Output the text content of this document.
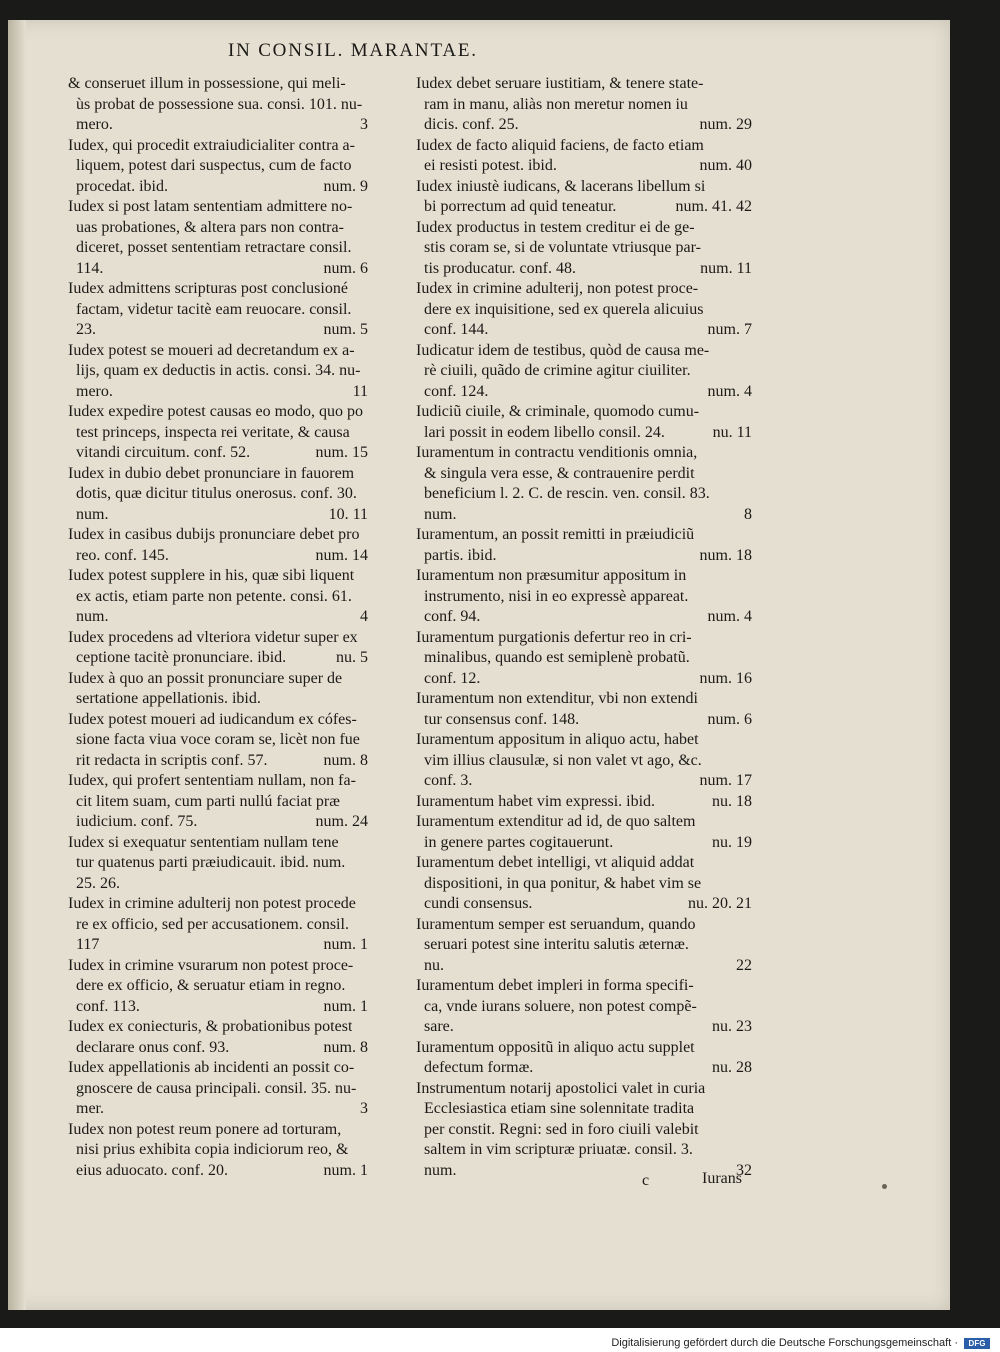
IN CONSIL. MARANTAE.
& conseruet illum in possessione, qui meli-
ùs probat de possessione sua. consi. 101. nu-
mero.	3
Iudex, qui procedit extraiudicialiter contra a-
liquem, potest dari suspectus, cum de facto
procedat. ibid.	num. 9
Iudex si post latam sententiam admittere no-
uas probationes, & altera pars non contra-
diceret, posset sententiam retractare consil.
114.	num. 6
Iudex admittens scripturas post conclusioné
factam, videtur tacitè eam reuocare. consil.
23.	num. 5
Iudex potest se moueri ad decretandum ex a-
lijs, quam ex deductis in actis. consi. 34. nu-
mero.	11
Iudex expedire potest causas eo modo, quo po
test princeps, inspecta rei veritate, & causa
vitandi circuitum. conf. 52.	num. 15
Iudex in dubio debet pronunciare in fauorem
dotis, quæ dicitur titulus onerosus. conf. 30.
num.	10. 11
Iudex in casibus dubijs pronunciare debet pro
reo. conf. 145.	num. 14
Iudex potest supplere in his, quæ sibi liquent
ex actis, etiam parte non petente. consi. 61.
num.	4
Iudex procedens ad vlteriora videtur super ex
ceptione tacitè pronunciare. ibid.	nu. 5
Iudex à quo an possit pronunciare super de
sertatione appellationis. ibid.
Iudex potest moueri ad iudicandum ex cófes-
sione facta viua voce coram se, licèt non fue
rit redacta in scriptis conf. 57.	num. 8
Iudex, qui profert sententiam nullam, non fa-
cit litem suam, cum parti nullú faciat præ
iudicium. conf. 75.	num. 24
Iudex si exequatur sententiam nullam tene
tur quatenus parti præiudicauit. ibid. num.
25. 26.
Iudex in crimine adulterij non potest procede
re ex officio, sed per accusationem. consil.
117	num. 1
Iudex in crimine vsurarum non potest proce-
dere ex officio, & seruatur etiam in regno.
conf. 113.	num. 1
Iudex ex coniecturis, & probationibus potest
declarare onus conf. 93.	num. 8
Iudex appellationis ab incidenti an possit co-
gnoscere de causa principali. consil. 35. nu-
mer.	3
Iudex non potest reum ponere ad torturam,
nisi prius exhibita copia indiciorum reo, &
eius aduocato. conf. 20.	num. 1
Iudex debet seruare iustitiam, & tenere state-
ram in manu, aliàs non meretur nomen iu
dicis. conf. 25.	num. 29
Iudex de facto aliquid faciens, de facto etiam
ei resisti potest. ibid.	num. 40
Iudex iniustè iudicans, & lacerans libellum si
bi porrectum ad quid teneatur.	num. 41. 42
Iudex productus in testem creditur ei de ge-
stis coram se, si de voluntate vtriusque par-
tis producatur. conf. 48.	num. 11
Iudex in crimine adulterij, non potest proce-
dere ex inquisitione, sed ex querela alicuius
conf. 144.	num. 7
Iudicatur idem de testibus, quòd de causa me-
rè ciuili, quãdo de crimine agitur ciuiliter.
conf. 124.	num. 4
Iudiciũ ciuile, & criminale, quomodo cumu-
lari possit in eodem libello consil. 24.	nu. 11
Iuramentum in contractu venditionis omnia,
& singula vera esse, & contrauenire perdit
beneficium l. 2. C. de rescin. ven. consil. 83.
num.	8
Iuramentum, an possit remitti in præiudiciũ
partis. ibid.	num. 18
Iuramentum non præsumitur appositum in
instrumento, nisi in eo expressè appareat.
conf. 94.	num. 4
Iuramentum purgationis defertur reo in cri-
minalibus, quando est semiplenè probatũ.
conf. 12.	num. 16
Iuramentum non extenditur, vbi non extendi
tur consensus conf. 148.	num. 6
Iuramentum appositum in aliquo actu, habet
vim illius clausulæ, si non valet vt ago, &c.
conf. 3.	num. 17
Iuramentum habet vim expressi. ibid.	nu. 18
Iuramentum extenditur ad id, de quo saltem
in genere partes cogitauerunt.	nu. 19
Iuramentum debet intelligi, vt aliquid addat
dispositioni, in qua ponitur, & habet vim se
cundi consensus.	nu. 20. 21
Iuramentum semper est seruandum, quando
seruari potest sine interitu salutis æternæ.
nu.	22
Iuramentum debet impleri in forma specifi-
ca, vnde iurans soluere, non potest compẽ-
sare.	nu. 23
Iuramentum oppositũ in aliquo actu supplet
defectum formæ.	nu. 28
Instrumentum notarij apostolici valet in curia
Ecclesiastica etiam sine solennitate tradita
per constit. Regni: sed in foro ciuili valebit
saltem in vim scripturæ priuatæ. consil. 3.
num.	32
c	Iurans
Digitalisierung gefördert durch die Deutsche Forschungsgemeinschaft ·	DFG
